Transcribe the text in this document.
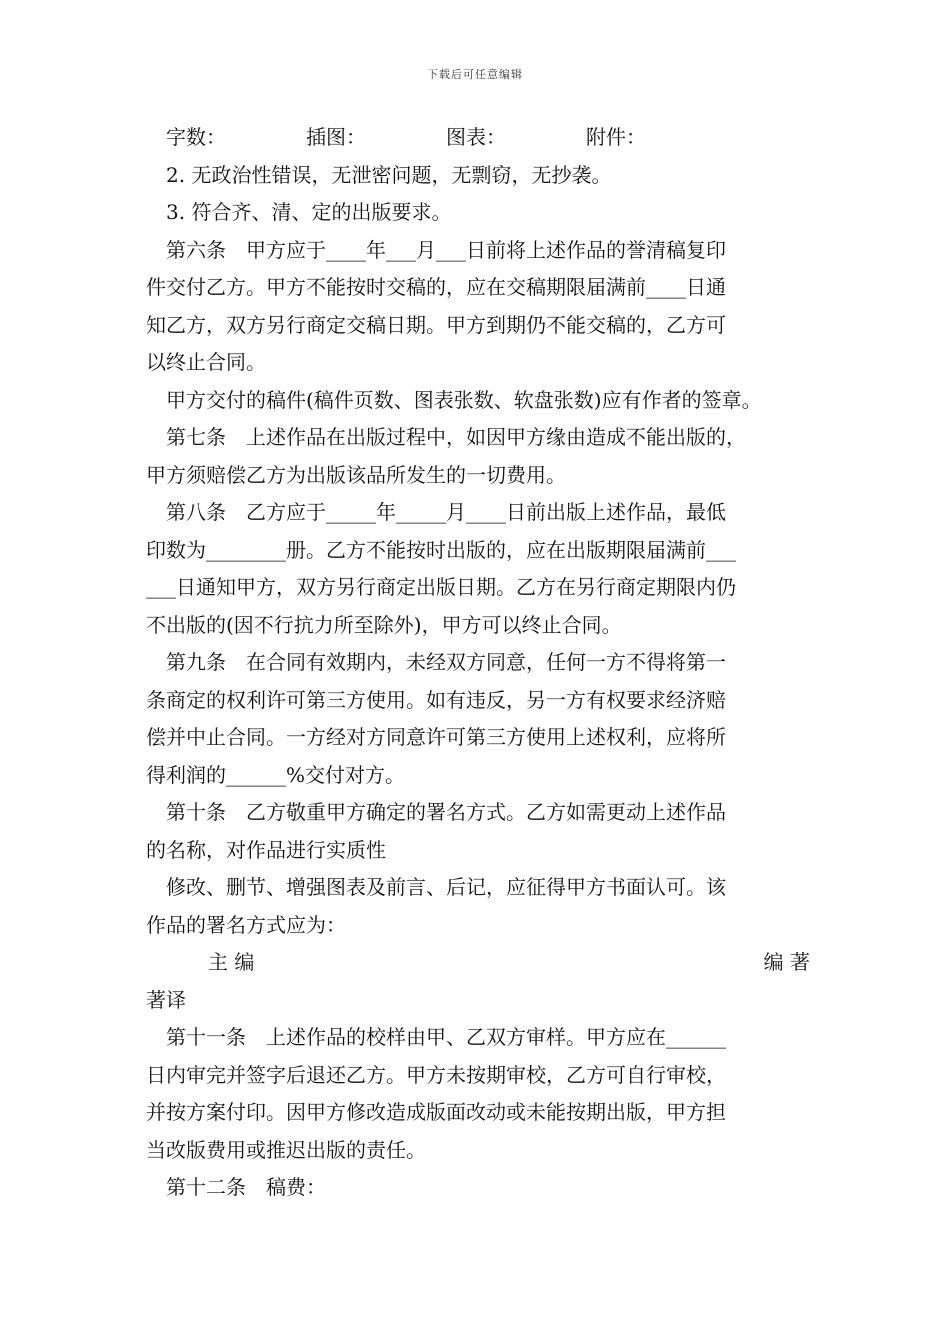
下载后可任意编辑
字数：	插图：	图表：	附件：
2. 无政治性错误，无泄密问题，无剽窃，无抄袭。
3. 符合齐、清、定的出版要求。
第六条　甲方应于____年___月___日前将上述作品的誉清稿复印
件交付乙方。甲方不能按时交稿的，应在交稿期限届满前____日通
知乙方，双方另行商定交稿日期。甲方到期仍不能交稿的，乙方可
以终止合同。
甲方交付的稿件(稿件页数、图表张数、软盘张数)应有作者的签章。
第七条　上述作品在出版过程中，如因甲方缘由造成不能出版的，
甲方须赔偿乙方为出版该品所发生的一切费用。
第八条　乙方应于_____年_____月____日前出版上述作品，最低
印数为________册。乙方不能按时出版的，应在出版期限届满前___
___日通知甲方，双方另行商定出版日期。乙方在另行商定期限内仍
不出版的(因不行抗力所至除外)，甲方可以终止合同。
第九条　在合同有效期内，未经双方同意，任何一方不得将第一
条商定的权利许可第三方使用。如有违反，另一方有权要求经济赔
偿并中止合同。一方经对方同意许可第三方使用上述权利，应将所
得利润的______%交付对方。
第十条　乙方敬重甲方确定的署名方式。乙方如需更动上述作品
的名称，对作品进行实质性
修改、删节、增强图表及前言、后记，应征得甲方书面认可。该
作品的署名方式应为：
主 编	编 著
著译
第十一条　上述作品的校样由甲、乙双方审样。甲方应在______
日内审完并签字后退还乙方。甲方未按期审校，乙方可自行审校，
并按方案付印。因甲方修改造成版面改动或未能按期出版，甲方担
当改版费用或推迟出版的责任。
第十二条　稿费：
